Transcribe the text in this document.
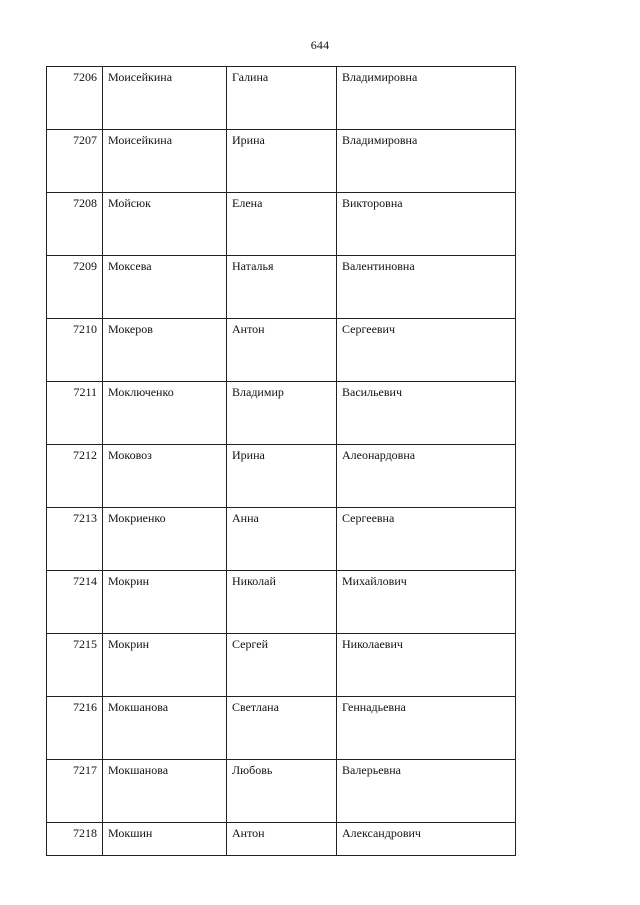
644
7206	Моисейкина	Галина	Владимировна
7207	Моисейкина	Ирина	Владимировна
7208	Мойсюк	Елена	Викторовна
7209	Моксева	Наталья	Валентиновна
7210	Мокеров	Антон	Сергеевич
7211	Моключенко	Владимир	Васильевич
7212	Моковоз	Ирина	Алеонардовна
7213	Мокриенко	Анна	Сергеевна
7214	Мокрин	Николай	Михайлович
7215	Мокрин	Сергей	Николаевич
7216	Мокшанова	Светлана	Геннадьевна
7217	Мокшанова	Любовь	Валерьевна
7218	Мокшин	Антон	Александрович
